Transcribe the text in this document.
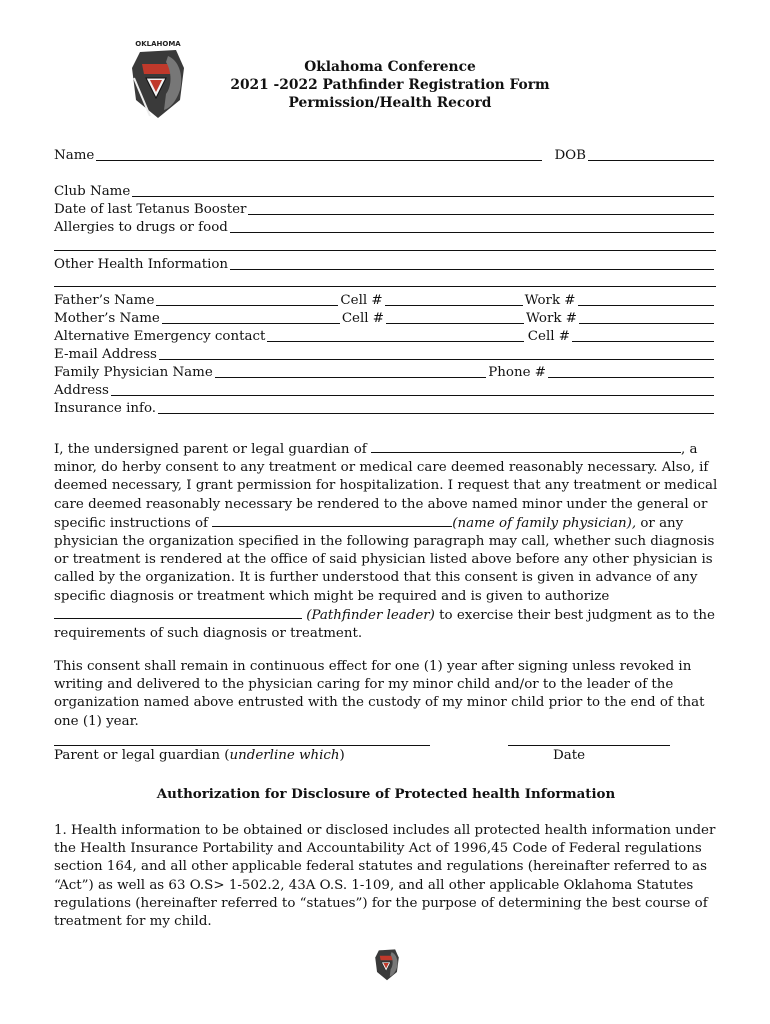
OKLAHOMA
Oklahoma Conference
2021 -2022 Pathfinder Registration Form
Permission/Health Record
Name	DOB
Club Name
Date of last Tetanus Booster
Allergies to drugs or food
Other Health Information
Father’s Name	Cell #	Work #
Mother’s Name	Cell #	Work #
Alternative Emergency contact	Cell #
E-mail Address
Family Physician Name	Phone #
Address
Insurance info.
I, the undersigned parent or legal guardian of	, a minor, do herby consent to any treatment or medical care deemed reasonably necessary. Also, if deemed necessary, I grant permission for hospitalization. I request that any treatment or medical care deemed reasonably necessary be rendered to the above named minor under the general or specific instructions of	(name of family physician), or any physician the organization specified in the following paragraph may call, whether such diagnosis or treatment is rendered at the office of said physician listed above before any other physician is called by the organization. It is further understood that this consent is given in advance of any specific diagnosis or treatment which might be required and is given to authorize  (Pathfinder leader) to exercise their best judgment as to the requirements of such diagnosis or treatment.
This consent shall remain in continuous effect for one (1) year after signing unless revoked in writing and delivered to the physician caring for my minor child and/or to the leader of the organization named above entrusted with the custody of my minor child prior to the end of that one (1) year.
Parent or legal guardian (underline which)	Date
Authorization for Disclosure of Protected health Information
1. Health information to be obtained or disclosed includes all protected health information under the Health Insurance Portability and Accountability Act of 1996,45 Code of Federal regulations section 164, and all other applicable federal statutes and regulations (hereinafter referred to as “Act”) as well as 63 O.S> 1-502.2, 43A O.S. 1-109, and all other applicable Oklahoma Statutes regulations (hereinafter referred to “statues”) for the purpose of determining the best course of treatment for my child.
